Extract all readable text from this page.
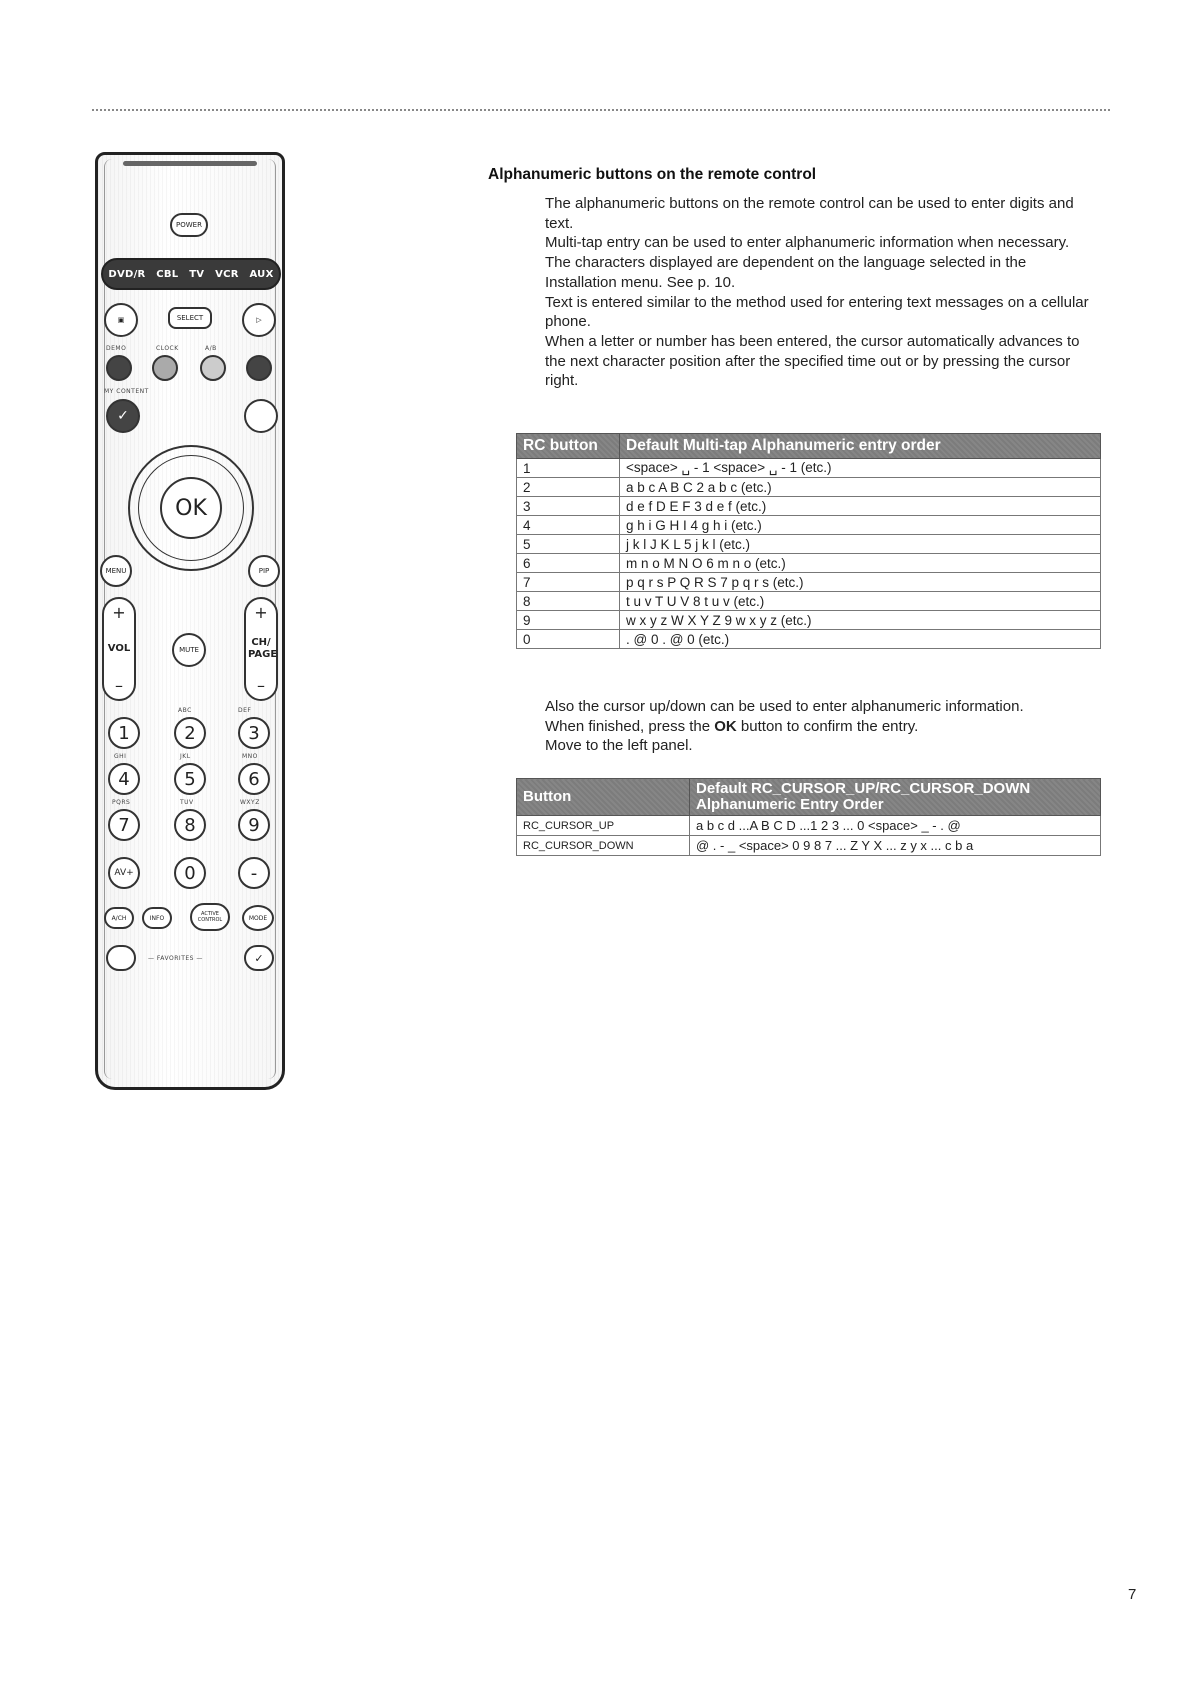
POWER
DVD/R CBL TV VCR AUX
▣	SELECT	▷
DEMO	CLOCK	A/B
MY CONTENT
✓
OK
MENU	PIP
+
VOL
–
MUTE
+
CH/ PAGE
–
ABC	DEF
1	2	3
GHI	JKL	MNO
4	5	6
PQRS	TUV	WXYZ
7	8	9
AV+	0	-
A/CH	INFO
ACTIVE CONTROL	MODE
— FAVORITES —	✓
Alphanumeric buttons on the remote control

The alphanumeric buttons on the remote control can be used to enter digits and text.

Multi-tap entry can be used to enter alphanumeric information when necessary.

The characters displayed are dependent on the language selected in the Installation menu. See p. 10.

Text is entered similar to the method used for entering text messages on a cellular phone.

When a letter or number has been entered, the cursor automatically advances to the next character position after the specified time out or by pressing the cursor right.

RC button	Default Multi-tap Alphanumeric entry order
1	<space> ␣ - 1 <space> ␣ - 1 (etc.)
2	a b c A B C 2 a b c (etc.)
3	d e f D E F 3 d e f (etc.)
4	g h i G H I 4 g h i (etc.)
5	j k l J K L 5 j k l (etc.)
6	m n o M N O 6 m n o (etc.)
7	p q r s P Q R S 7 p q r s (etc.)
8	t u v T U V 8 t u v (etc.)
9	w x y z W X Y Z 9 w x y z (etc.)
0	. @ 0 . @ 0 (etc.)

Also the cursor up/down can be used to enter alphanumeric information.

When finished, press the OK button to confirm the entry.

Move to the left panel.

Button	Default RC_CURSOR_UP/RC_CURSOR_DOWN Alphanumeric Entry Order
RC_CURSOR_UP	a b c d ...A B C D ...1 2 3 ... 0 <space> _ - . @
RC_CURSOR_DOWN	@ . - _ <space> 0 9 8 7 ... Z Y X ... z y x ... c b a
7
